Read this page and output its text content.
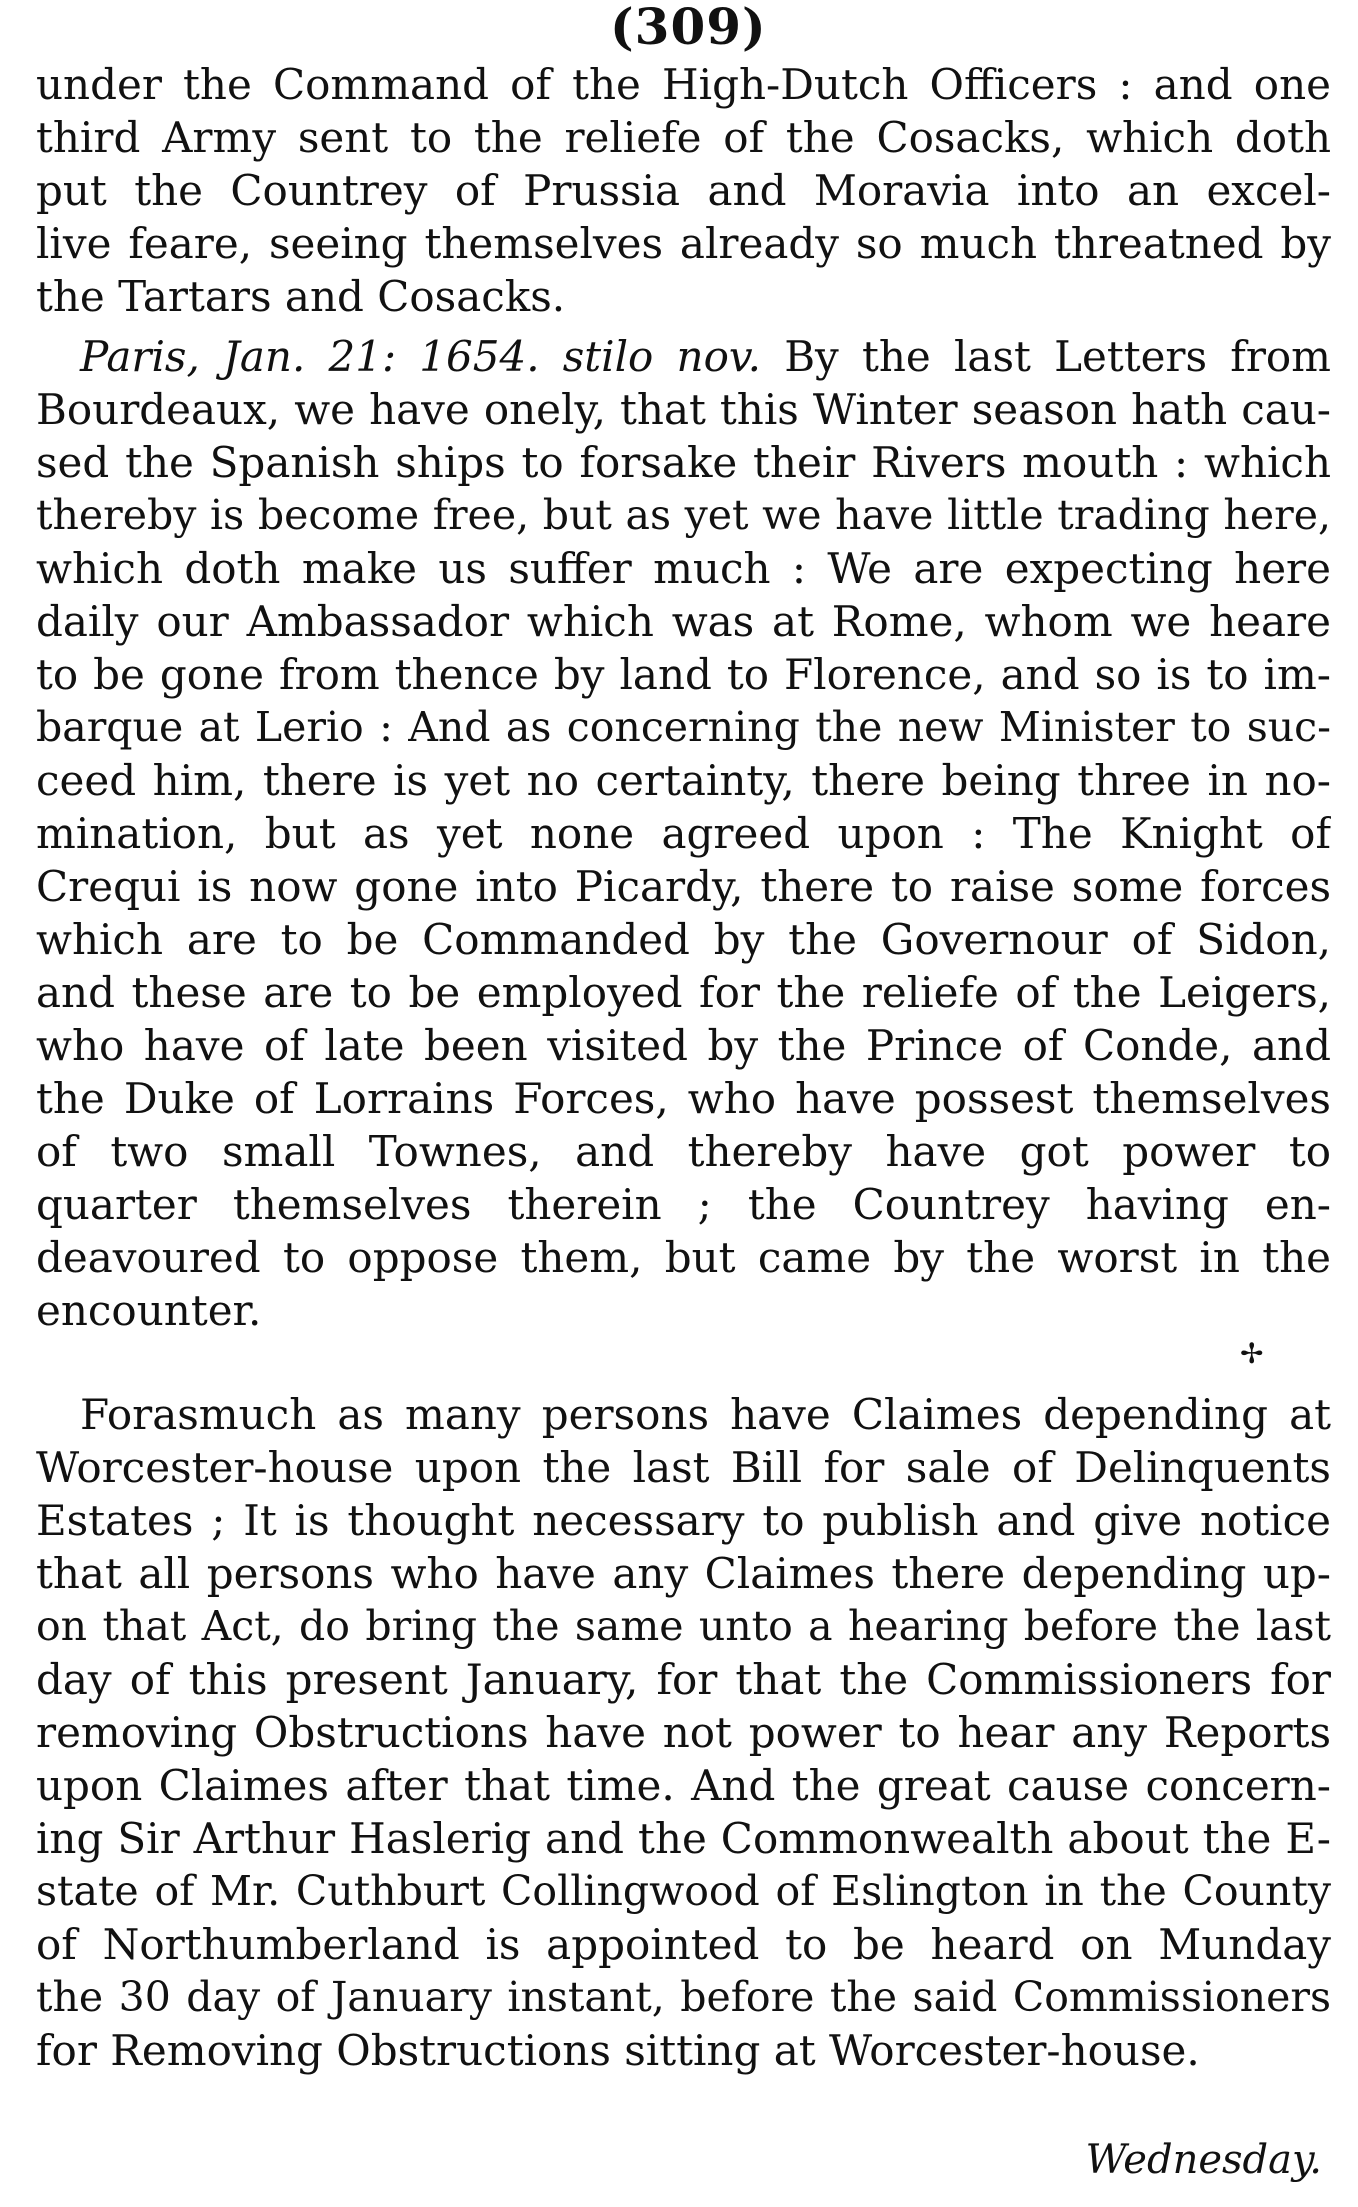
(309)
under the Command of the High-Dutch Officers : and one
third Army sent to the reliefe of the Cosacks, which doth
put the Countrey of Prussia and Moravia into an excel-
live feare, seeing themselves already so much threatned by
the Tartars and Cosacks.
Paris, Jan. 21: 1654. stilo nov. By the last Letters from
Bourdeaux, we have onely, that this Winter season hath cau-
sed the Spanish ships to forsake their Rivers mouth : which
thereby is become free, but as yet we have little trading here,
which doth make us suffer much : We are expecting here
daily our Ambassador which was at Rome, whom we heare
to be gone from thence by land to Florence, and so is to im-
barque at Lerio : And as concerning the new Minister to suc-
ceed him, there is yet no certainty, there being three in no-
mination, but as yet none agreed upon : The Knight of
Crequi is now gone into Picardy, there to raise some forces
which are to be Commanded by the Governour of Sidon,
and these are to be employed for the reliefe of the Leigers,
who have of late been visited by the Prince of Conde, and
the Duke of Lorrains Forces, who have possest themselves
of two small Townes, and thereby have got power to
quarter themselves therein ; the Countrey having en-
deavoured to oppose them, but came by the worst in the
encounter.
✢
Forasmuch as many persons have Claimes depending at
Worcester-house upon the last Bill for sale of Delinquents
Estates ; It is thought necessary to publish and give notice
that all persons who have any Claimes there depending up-
on that Act, do bring the same unto a hearing before the last
day of this present January, for that the Commissioners for
removing Obstructions have not power to hear any Reports
upon Claimes after that time. And the great cause concern-
ing Sir Arthur Haslerig and the Commonwealth about the E-
state of Mr. Cuthburt Collingwood of Eslington in the County
of Northumberland is appointed to be heard on Munday
the 30 day of January instant, before the said Commissioners
for Removing Obstructions sitting at Worcester-house.
Wednesday.
